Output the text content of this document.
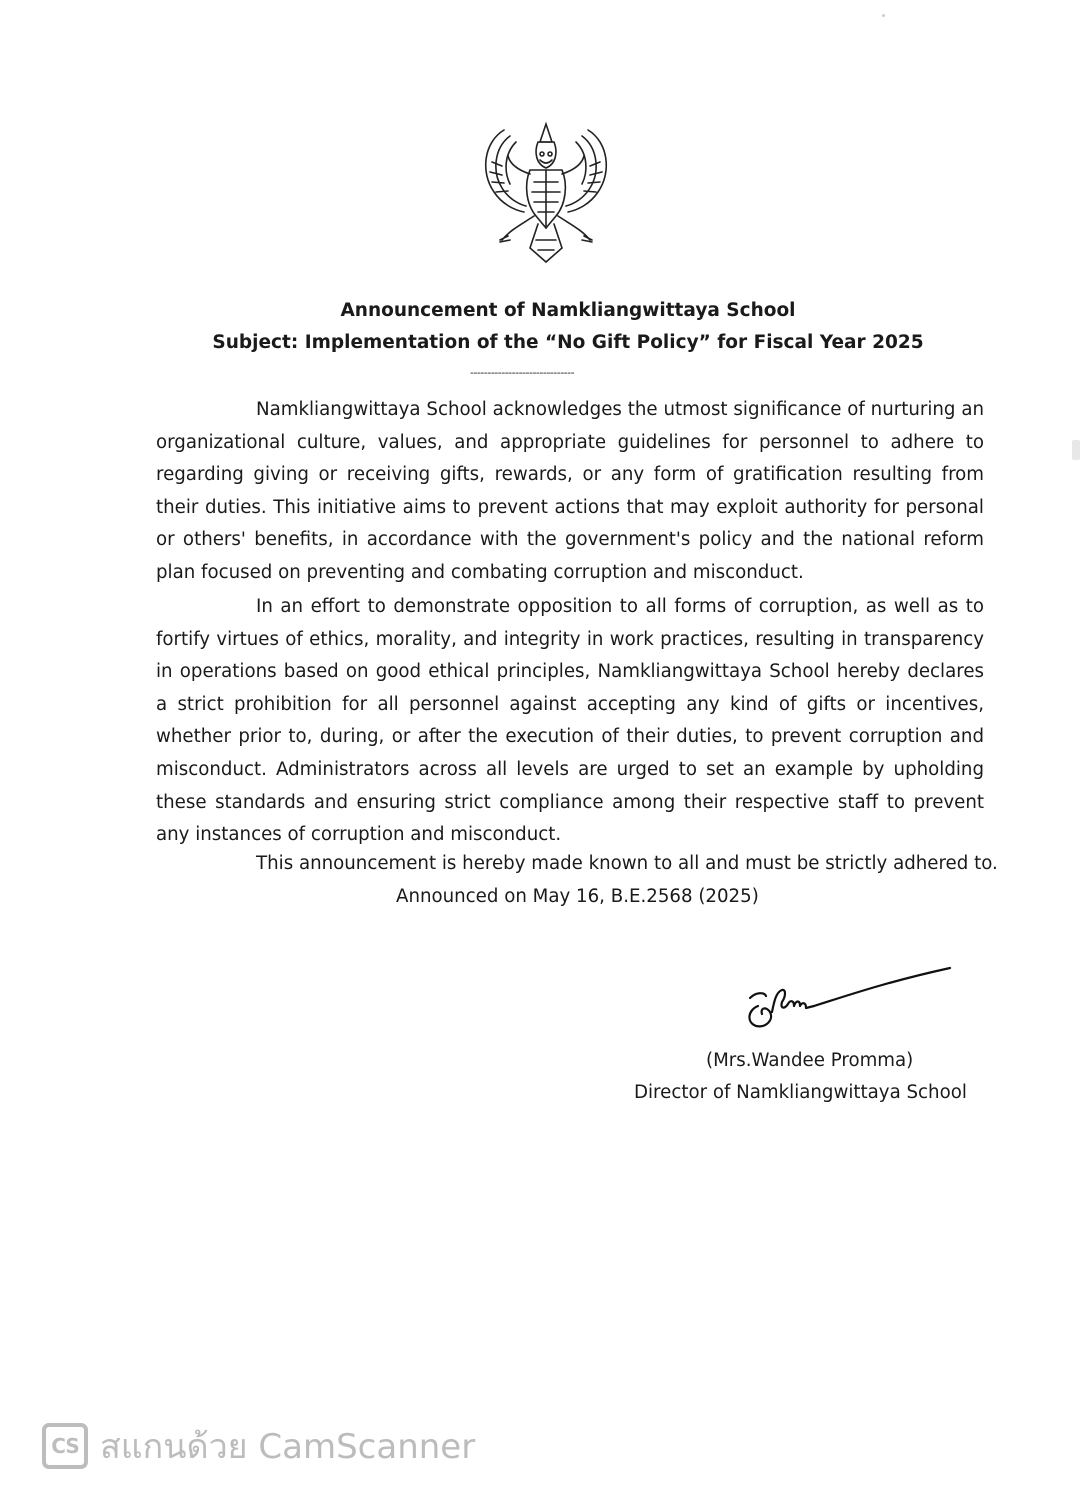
Announcement of Namkliangwittaya School
Subject: Implementation of the “No Gift Policy” for Fiscal Year 2025
------------------------------
Namkliangwittaya School acknowledges the utmost significance of nurturing an organizational culture, values, and appropriate guidelines for personnel to adhere to regarding giving or receiving gifts, rewards, or any form of gratification resulting from their duties. This initiative aims to prevent actions that may exploit authority for personal or others' benefits, in accordance with the government's policy and the national reform plan focused on preventing and combating corruption and misconduct.
In an effort to demonstrate opposition to all forms of corruption, as well as to fortify virtues of ethics, morality, and integrity in work practices, resulting in transparency in operations based on good ethical principles, Namkliangwittaya School hereby declares a strict prohibition for all personnel against accepting any kind of gifts or incentives, whether prior to, during, or after the execution of their duties, to prevent corruption and misconduct. Administrators across all levels are urged to set an example by upholding these standards and ensuring strict compliance among their respective staff to prevent any instances of corruption and misconduct.
This announcement is hereby made known to all and must be strictly adhered to.
Announced on May 16, B.E.2568 (2025)
(Mrs.Wandee Promma)
Director of Namkliangwittaya School
CS สแกนด้วย CamScanner
